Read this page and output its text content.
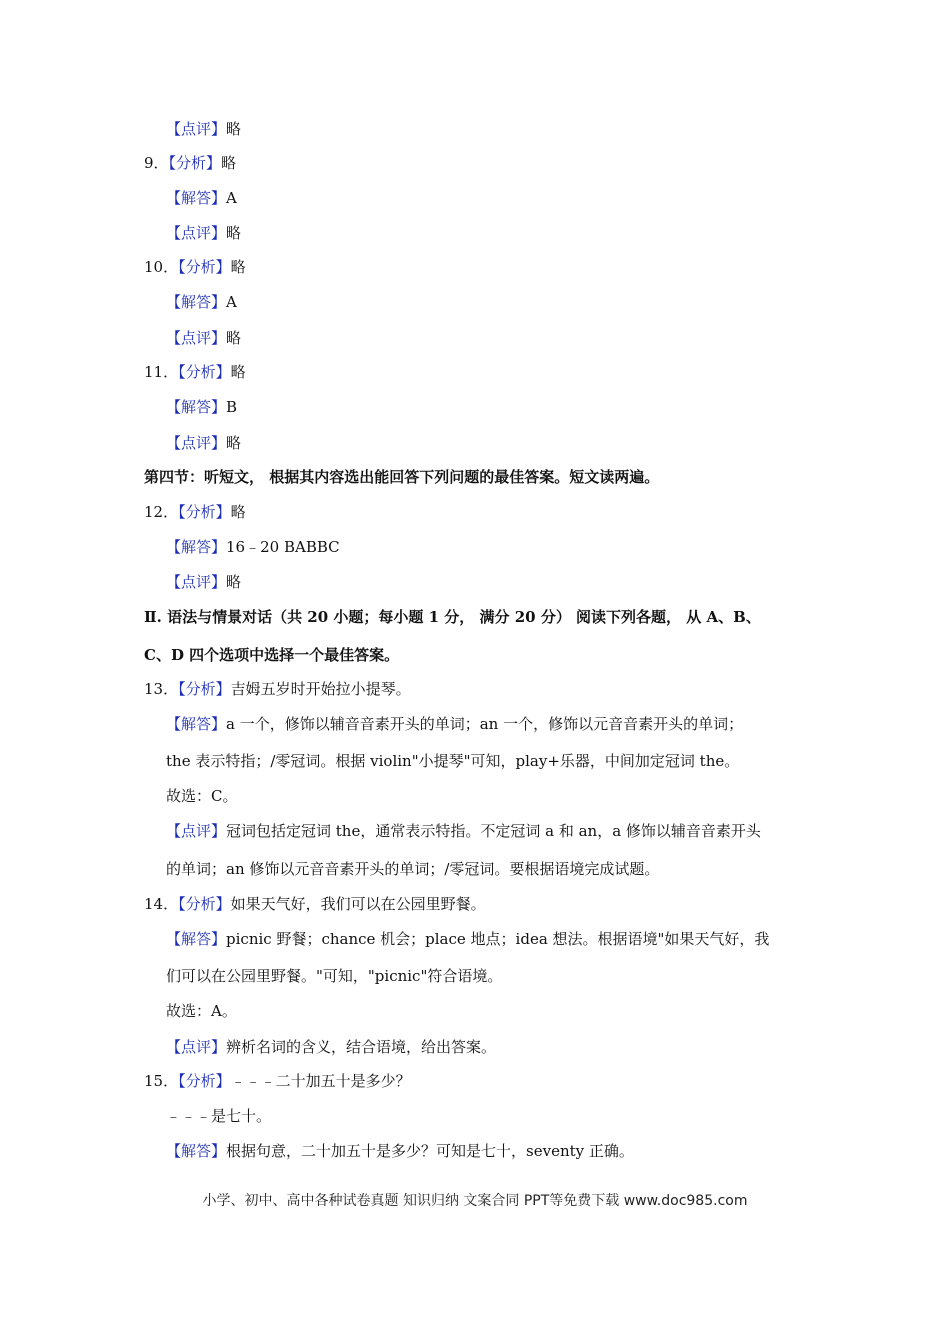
【点评】略
9．【分析】略
【解答】A
【点评】略
10．【分析】略
【解答】A
【点评】略
11．【分析】略
【解答】B
【点评】略
第四节：听短文， 根据其内容选出能回答下列问题的最佳答案。短文读两遍。
12．【分析】略
【解答】16﹣20 BABBC
【点评】略
Ⅱ. 语法与情景对话（共 20 小题；每小题 1 分， 满分 20 分） 阅读下列各题， 从 A、B、
C、D 四个选项中选择一个最佳答案。
13．【分析】吉姆五岁时开始拉小提琴。
【解答】a 一个，修饰以辅音音素开头的单词；an 一个，修饰以元音音素开头的单词；
the 表示特指；/零冠词。根据 violin"小提琴"可知，play+乐器，中间加定冠词 the。
故选：C。
【点评】冠词包括定冠词 the，通常表示特指。不定冠词 a 和 an，a 修饰以辅音音素开头
的单词；an 修饰以元音音素开头的单词；/零冠词。要根据语境完成试题。
14．【分析】如果天气好，我们可以在公园里野餐。
【解答】picnic 野餐；chance 机会；place 地点；idea 想法。根据语境"如果天气好，我
们可以在公园里野餐。"可知，"picnic"符合语境。
故选：A。
【点评】辨析名词的含义，结合语境，给出答案。
15．【分析】﹣﹣﹣二十加五十是多少？
﹣﹣﹣是七十。
【解答】根据句意，二十加五十是多少？可知是七十，seventy 正确。
小学、初中、高中各种试卷真题 知识归纳 文案合同 PPT等免费下载 www.doc985.com
